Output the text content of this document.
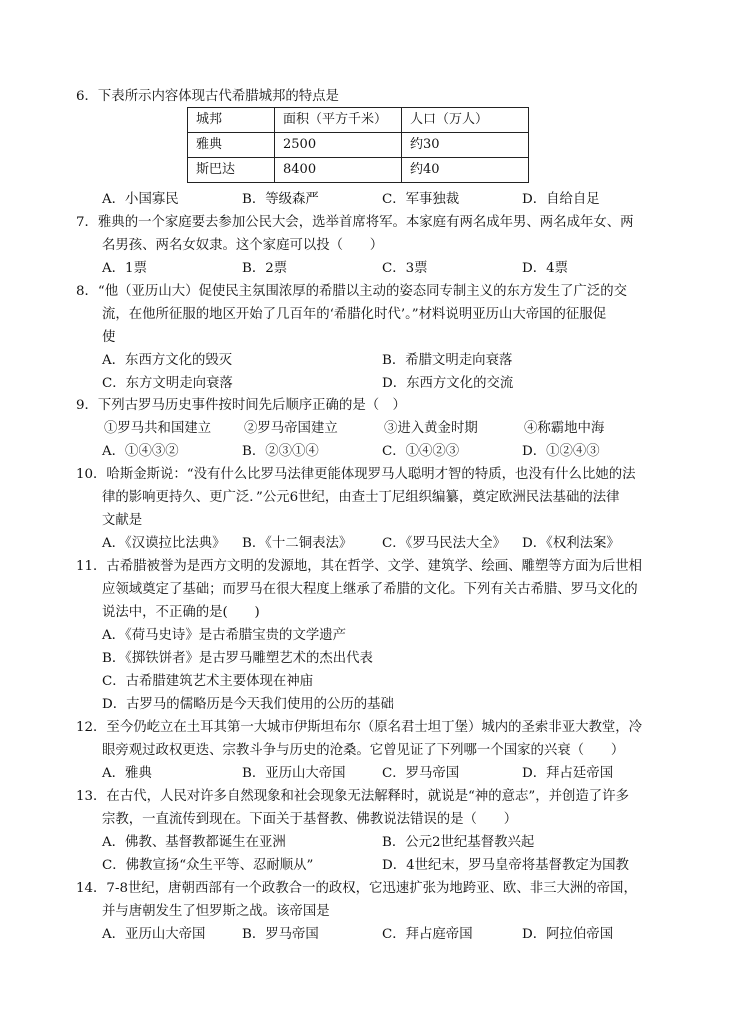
6．下表所示内容体现古代希腊城邦的特点是
城邦	面积（平方千米）	人口（万人）
雅典	2500	约30
斯巴达	8400	约40
A．小国寡民	B．等级森严	C．军事独裁	D．自给自足
7．雅典的一个家庭要去参加公民大会，选举首席将军。本家庭有两名成年男、两名成年女、两
名男孩、两名女奴隶。这个家庭可以投（　　）
A．1票	B．2票	C．3票	D．4票
8．“他（亚历山大）促使民主氛围浓厚的希腊以主动的姿态同专制主义的东方发生了广泛的交
流，在他所征服的地区开始了几百年的‘希腊化时代’。”材料说明亚历山大帝国的征服促
使
A．东西方文化的毁灭	B．希腊文明走向衰落
C．东方文明走向衰落	D．东西方文化的交流
9．下列古罗马历史事件按时间先后顺序正确的是（　）
①罗马共和国建立 ②罗马帝国建立	③进入黄金时期	④称霸地中海
A．①④③②	B．②③①④	C．①④②③	D．①②④③
10．哈斯金斯说：“没有什么比罗马法律更能体现罗马人聪明才智的特质，也没有什么比她的法
律的影响更持久、更广泛．”公元6世纪，由查士丁尼组织编纂，奠定欧洲民法基础的法律
文献是
A．《汉谟拉比法典》 B．《十二铜表法》 C．《罗马民法大全》 D．《权利法案》
11．古希腊被誉为是西方文明的发源地，其在哲学、文学、建筑学、绘画、雕塑等方面为后世相
应领域奠定了基础；而罗马在很大程度上继承了希腊的文化。下列有关古希腊、罗马文化的
说法中，不正确的是(　　)
A．《荷马史诗》是古希腊宝贵的文学遗产
B．《掷铁饼者》是古罗马雕塑艺术的杰出代表
C．古希腊建筑艺术主要体现在神庙
D．古罗马的儒略历是今天我们使用的公历的基础
12．至今仍屹立在土耳其第一大城市伊斯坦布尔（原名君士坦丁堡）城内的圣索非亚大教堂，冷
眼旁观过政权更迭、宗教斗争与历史的沧桑。它曾见证了下列哪一个国家的兴衰（　　）
A．雅典	B．亚历山大帝国	C．罗马帝国	D．拜占廷帝国
13．在古代，人民对许多自然现象和社会现象无法解释时，就说是“神的意志”，并创造了许多
宗教，一直流传到现在。下面关于基督教、佛教说法错误的是（　　）
A．佛教、基督教都诞生在亚洲	B．公元2世纪基督教兴起
C．佛教宣扬“众生平等、忍耐顺从”	D．4世纪末，罗马皇帝将基督教定为国教
14．7-8世纪，唐朝西部有一个政教合一的政权，它迅速扩张为地跨亚、欧、非三大洲的帝国，
并与唐朝发生了怛罗斯之战。该帝国是
A．亚历山大帝国	B．罗马帝国	C．拜占庭帝国	D．阿拉伯帝国
